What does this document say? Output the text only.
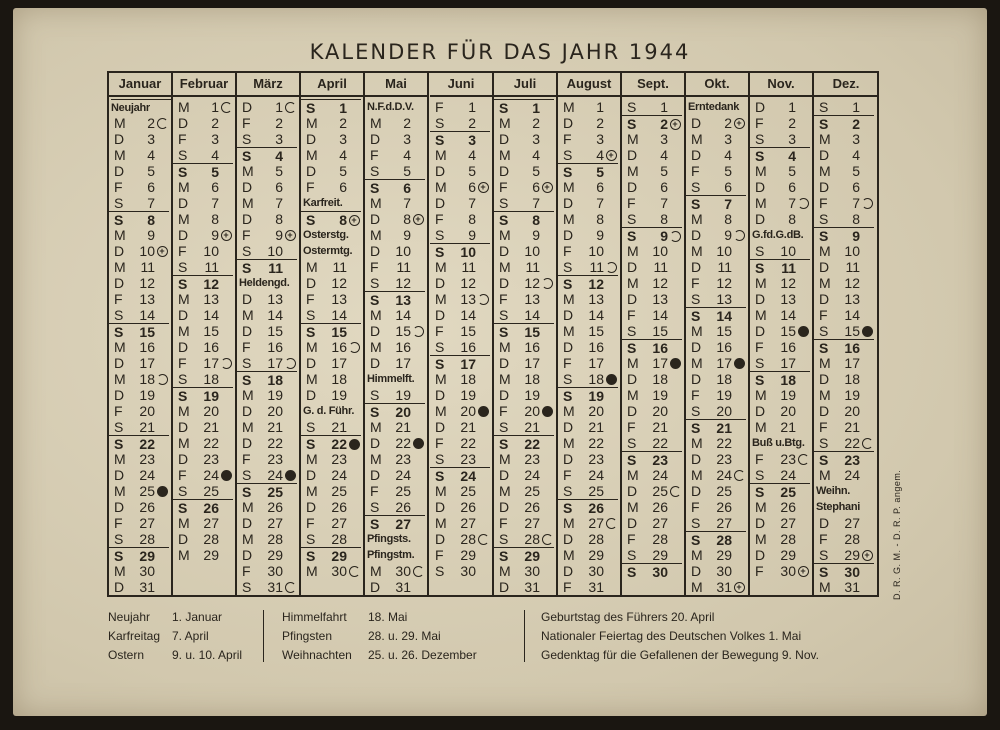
KALENDER FÜR DAS JAHR 1944
Januar
Neujahr
M 2
D 3
M 4
D 5
F 6
S 7
S 8
M 9
D 10
+
M 11
D 12
F 13
S 14
S 15
M 16
D 17
M 18
D 19
F 20
S 21
S 22
M 23
D 24
M 25
D 26
F 27
S 28
S 29
M 30
D 31
Februar
M 1
D 2
F 3
S 4
S 5
M 6
D 7
M 8
D 9
+
F 10
S 11
S 12
M 13
D 14
M 15
D 16
F 17
S 18
S 19
M 20
D 21
M 22
D 23
F 24
S 25
S 26
M 27
D 28
M 29
März
D 1
F 2
S 3
S 4
M 5
D 6
M 7
D 8
F 9
+
S 10
S 11
Heldengd.
D 13
M 14
D 15
F 16
S 17
S 18
M 19
D 20
M 21
D 22
F 23
S 24
S 25
M 26
D 27
M 28
D 29
F 30
S 31
April
S 1
M 2
D 3
M 4
D 5
F 6
Karfreit.
S 8
+
Osterstg.
Ostermtg.
M 11
D 12
F 13
S 14
S 15
M 16
D 17
M 18
D 19
G. d. Führ.
S 21
S 22
M 23
D 24
M 25
D 26
F 27
S 28
S 29
M 30
Mai
N.F.d.D.V.
M 2
D 3
F 4
S 5
S 6
M 7
D 8
+
M 9
D 10
F 11
S 12
S 13
M 14
D 15
M 16
D 17
Himmelft.
S 19
S 20
M 21
D 22
M 23
D 24
F 25
S 26
S 27
Pfingsts.
Pfingstm.
M 30
D 31
Juni
F 1
S 2
S 3
M 4
D 5
M 6
+
D 7
F 8
S 9
S 10
M 11
D 12
M 13
D 14
F 15
S 16
S 17
M 18
D 19
M 20
D 21
F 22
S 23
S 24
M 25
D 26
M 27
D 28
F 29
S 30
Juli
S 1
M 2
D 3
M 4
D 5
F 6
+
S 7
S 8
M 9
D 10
M 11
D 12
F 13
S 14
S 15
M 16
D 17
M 18
D 19
F 20
S 21
S 22
M 23
D 24
M 25
D 26
F 27
S 28
S 29
M 30
D 31
August
M 1
D 2
F 3
S 4
+
S 5
M 6
D 7
M 8
D 9
F 10
S 11
S 12
M 13
D 14
M 15
D 16
F 17
S 18
S 19
M 20
D 21
M 22
D 23
F 24
S 25
S 26
M 27
D 28
M 29
D 30
F 31
Sept.
S 1
S 2
+
M 3
D 4
M 5
D 6
F 7
S 8
S 9
M 10
D 11
M 12
D 13
F 14
S 15
S 16
M 17
D 18
M 19
D 20
F 21
S 22
S 23
M 24
D 25
M 26
D 27
F 28
S 29
S 30
Okt.
Erntedank
D 2
+
M 3
D 4
F 5
S 6
S 7
M 8
D 9
M 10
D 11
F 12
S 13
S 14
M 15
D 16
M 17
D 18
F 19
S 20
S 21
M 22
D 23
M 24
D 25
F 26
S 27
S 28
M 29
D 30
M 31
+
Nov.
D 1
F 2
S 3
S 4
M 5
D 6
M 7
D 8
G.fd.G.dB.
S 10
S 11
M 12
D 13
M 14
D 15
F 16
S 17
S 18
M 19
D 20
M 21
Buß u.Btg.
F 23
S 24
S 25
M 26
D 27
M 28
D 29
F 30
+
Dez.
S 1
S 2
M 3
D 4
M 5
D 6
F 7
S 8
S 9
M 10
D 11
M 12
D 13
F 14
S 15
S 16
M 17
D 18
M 19
D 20
F 21
S 22
S 23
M 24
Weihn.
Stephani
D 27
F 28
S 29
+
S 30
M 31
Neujahr 1. Januar
Karfreitag 7. April
Ostern 9. u. 10. April
Himmelfahrt 18. Mai
Pfingsten	28. u. 29. Mai
Weihnachten 25. u. 26. Dezember
Geburtstag des Führers 20. April
Nationaler Feiertag des Deutschen Volkes 1. Mai
Gedenktag für die Gefallenen der Bewegung 9. Nov.
D. R. G. M. - D. R. P. angem.
